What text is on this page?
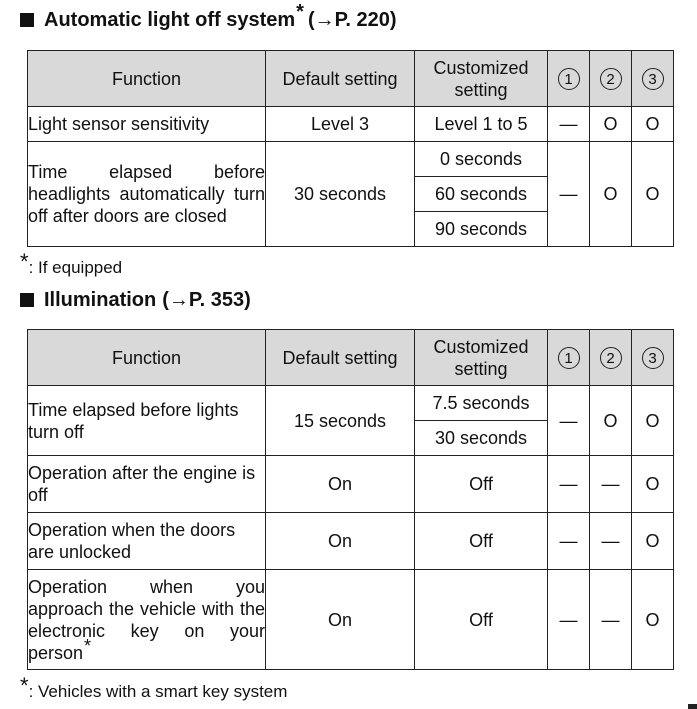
Automatic light off system * (→P. 220)
Function	Default setting	Customized setting	1	2	3
Light sensor sensitivity	Level 3	Level 1 to 5	—	O	O
Time elapsed before headlights automatically turn off after doors are closed	30 seconds	0 seconds	—	O	O
		60 seconds			
		90 seconds			
*: If equipped
Illumination (→P. 353)
Function	Default setting	Customized setting	1	2	3
Time elapsed before lights turn off	15 seconds	7.5 seconds	—	O	O
		30 seconds			
Operation after the engine is off	On	Off	—	—	O
Operation when the doors are unlocked	On	Off	—	—	O
Operation when you approach the vehicle with the electronic key on your person*	On	Off	—	—	O
*: Vehicles with a smart key system
